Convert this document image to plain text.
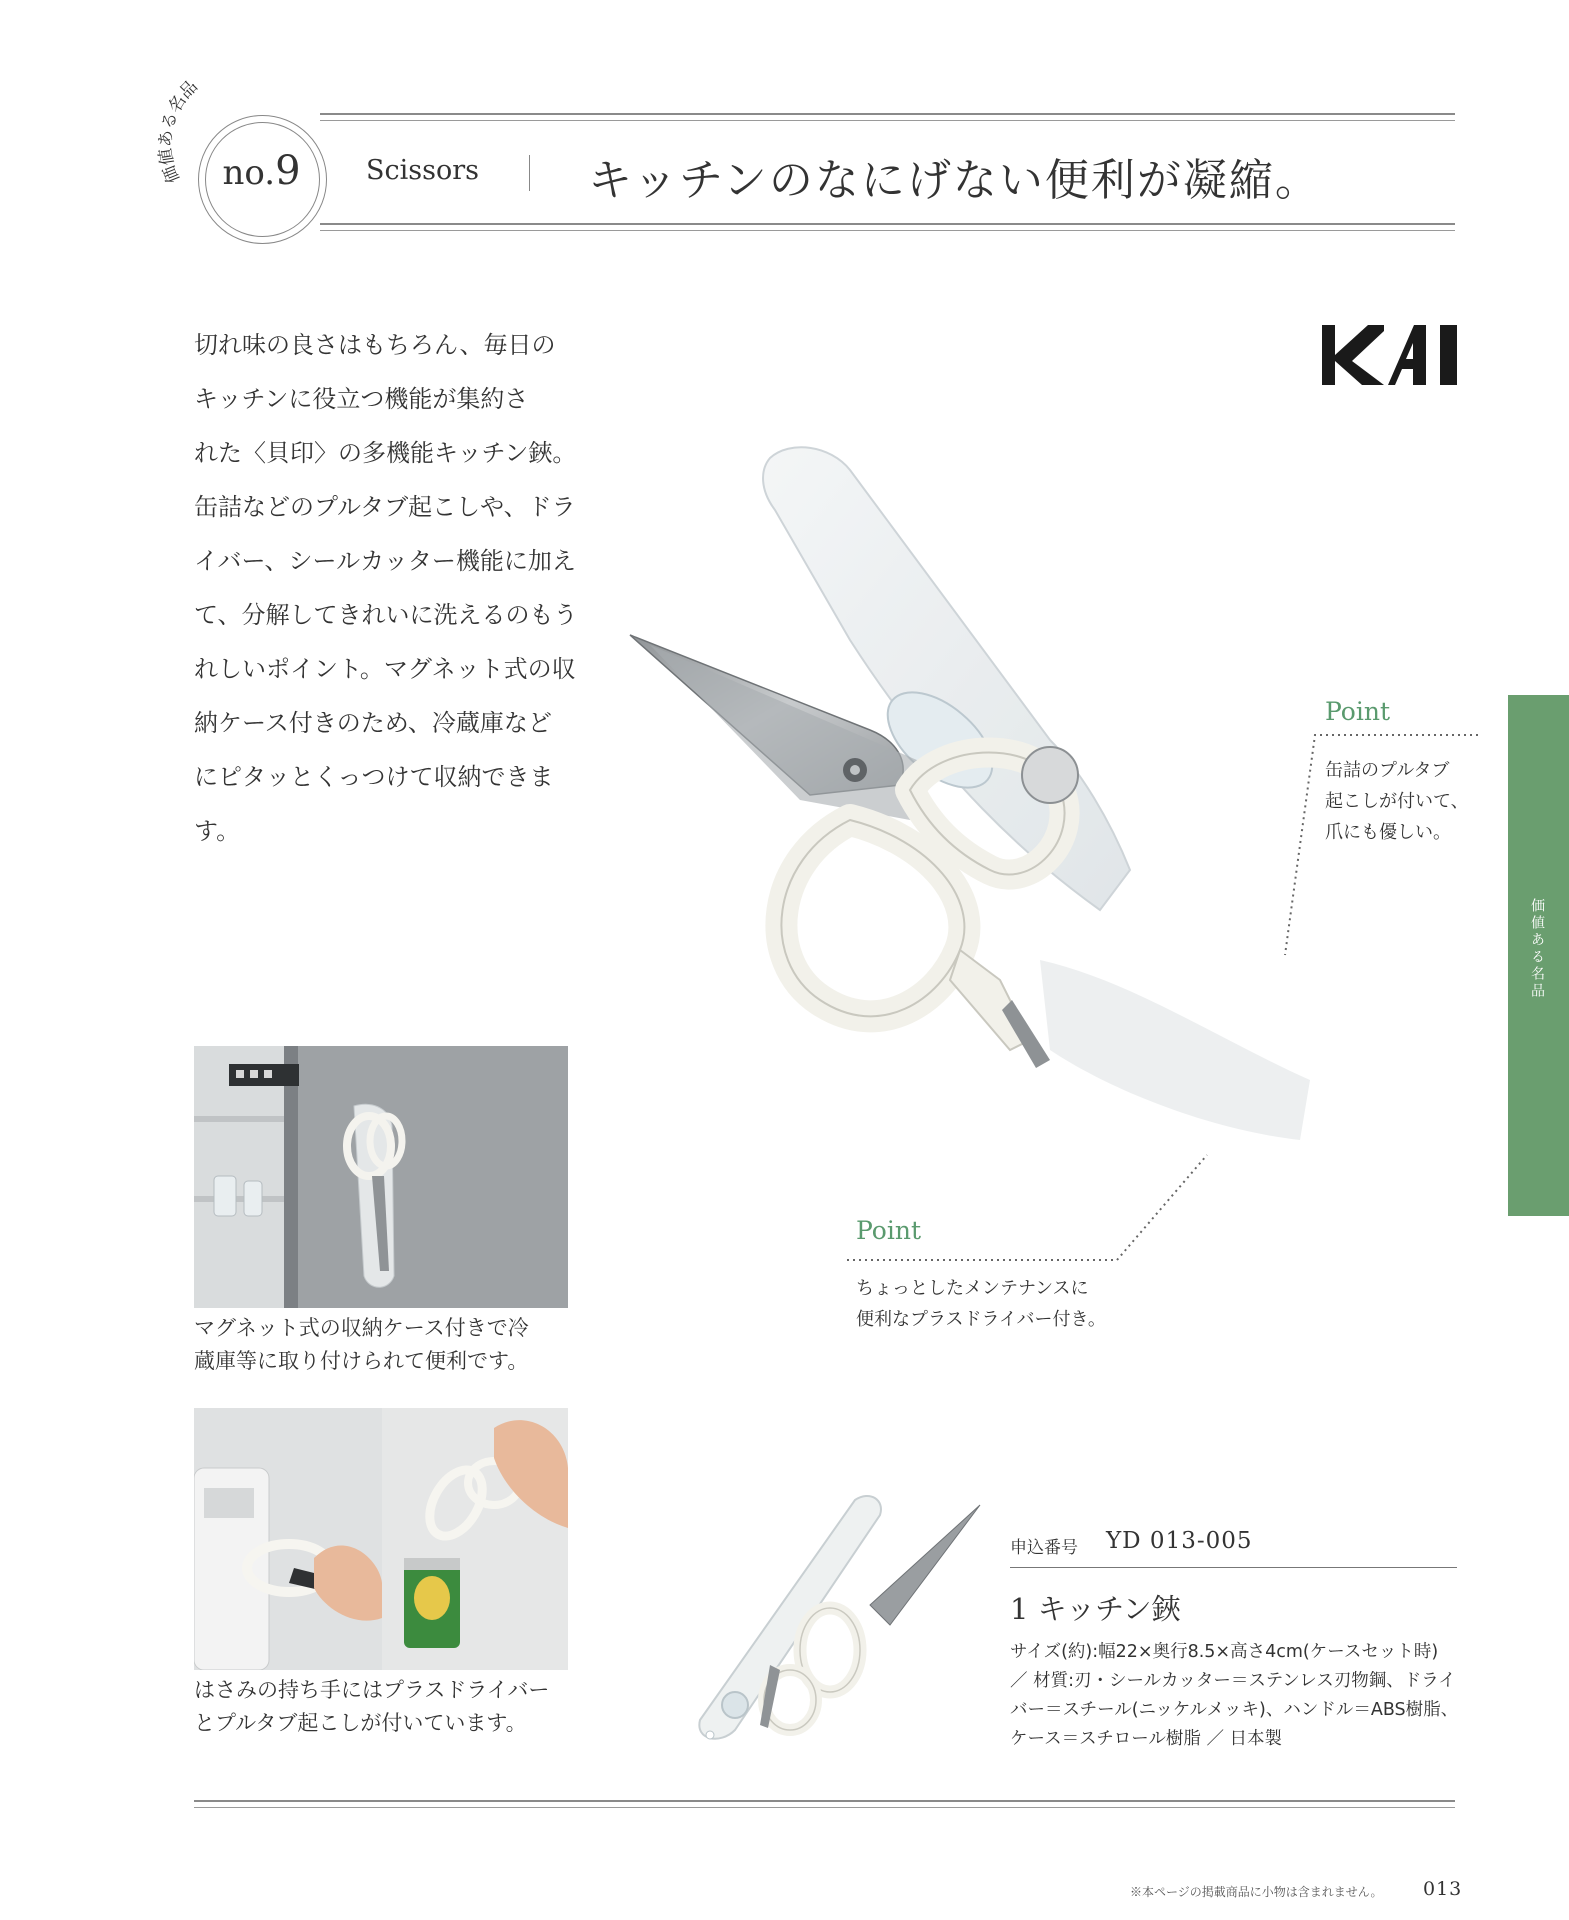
価値ある名品
no.9	Scissors キッチンのなにげない便利が凝縮。
切れ味の良さはもちろん、毎日の
キッチンに役立つ機能が集約さ
れた〈貝印〉の多機能キッチン鋏。
缶詰などのプルタブ起こしや、ドラ
イバー、シールカッター機能に加え
て、分解してきれいに洗えるのもう
れしいポイント。マグネット式の収
納ケース付きのため、冷蔵庫など
にピタッとくっつけて収納できま
す。
Point
缶詰のプルタブ
起こしが付いて、
爪にも優しい。
Point
ちょっとしたメンテナンスに
便利なプラスドライバー付き。
価値ある名品
マグネット式の収納ケース付きで冷
蔵庫等に取り付けられて便利です。
はさみの持ち手にはプラスドライバー
とプルタブ起こしが付いています。
申込番号 YD 013-005
1 キッチン鋏
サイズ(約):幅22×奥行8.5×高さ4cm(ケースセット時)
／ 材質:刃・シールカッター＝ステンレス刃物鋼、ドライ
バー＝スチール(ニッケルメッキ)、ハンドル＝ABS樹脂、
ケース＝スチロール樹脂 ／ 日本製
※本ページの掲載商品に小物は含まれません。 013
